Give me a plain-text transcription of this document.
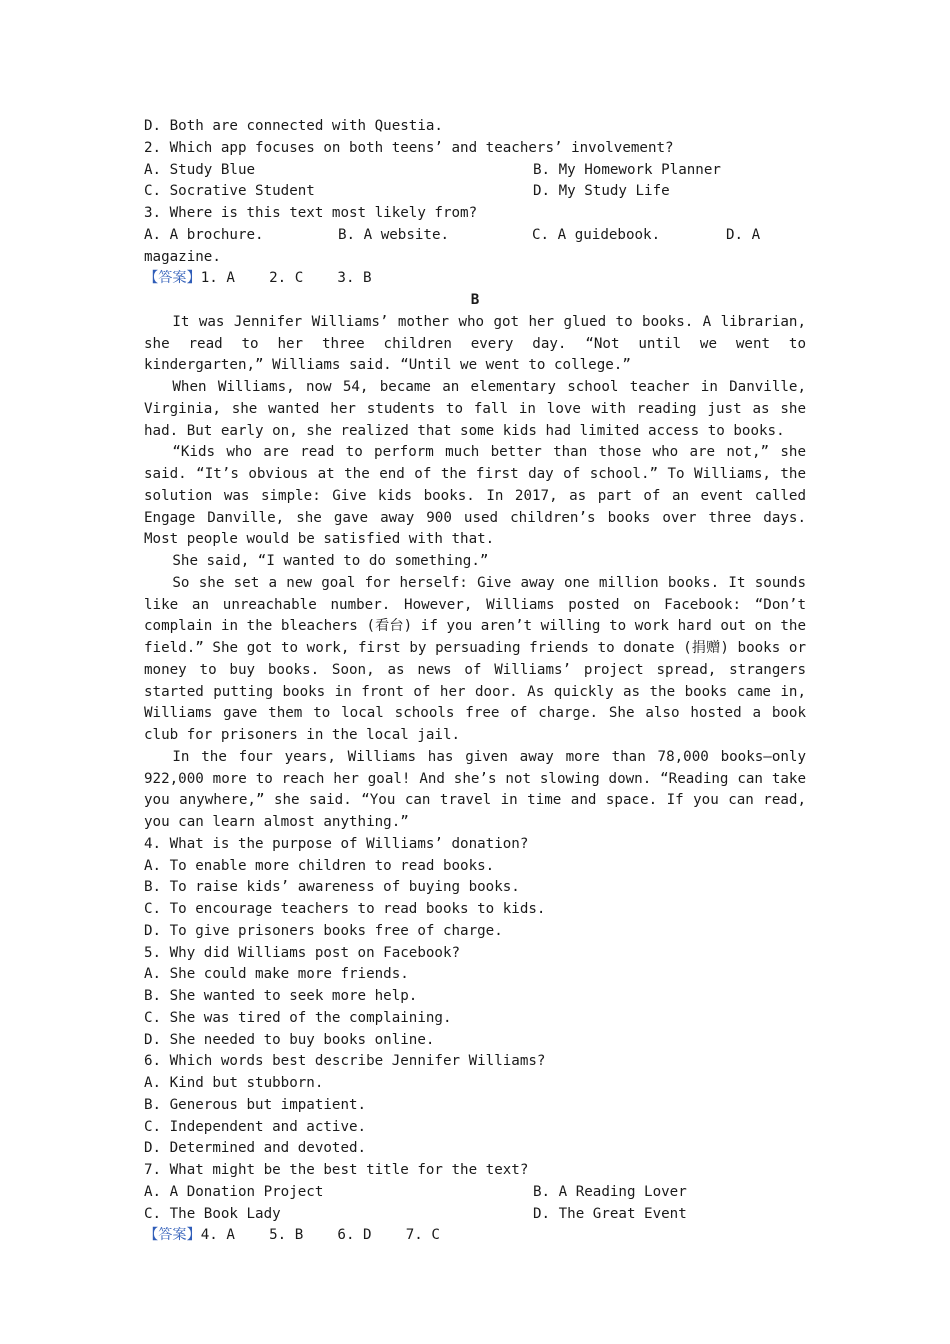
D. Both are connected with Questia.
2. Which app focuses on both teens’ and teachers’ involvement?
A. Study Blue	B. My Homework Planner
C. Socrative Student	D. My Study Life
3. Where is this text most likely from?
A. A brochure.	B. A website.	C. A guidebook.	D. A
magazine.
【答案】1. A    2. C    3. B
B
It was Jennifer Williams’ mother who got her glued to books. A librarian, she read to her three children every day. “Not until we went to kindergarten,” Williams said. “Until we went to college.”
When Williams, now 54, became an elementary school teacher in Danville, Virginia, she wanted her students to fall in love with reading just as she had. But early on, she realized that some kids had limited access to books.
“Kids who are read to perform much better than those who are not,” she said. “It’s obvious at the end of the first day of school.” To Williams, the solution was simple: Give kids books. In 2017, as part of an event called Engage Danville, she gave away 900 used children’s books over three days. Most people would be satisfied with that.
She said, “I wanted to do something.”
So she set a new goal for herself: Give away one million books. It sounds like an unreachable number. However, Williams posted on Facebook: “Don’t complain in the bleachers (看台) if you aren’t willing to work hard out on the field.” She got to work, first by persuading friends to donate (捐赠) books or money to buy books. Soon, as news of Williams’ project spread, strangers started putting books in front of her door. As quickly as the books came in, Williams gave them to local schools free of charge. She also hosted a book club for prisoners in the local jail.
In the four years, Williams has given away more than 78,000 books—only 922,000 more to reach her goal! And she’s not slowing down. “Reading can take you anywhere,” she said. “You can travel in time and space. If you can read, you can learn almost anything.”
4. What is the purpose of Williams’ donation?
A. To enable more children to read books.
B. To raise kids’ awareness of buying books.
C. To encourage teachers to read books to kids.
D. To give prisoners books free of charge.
5. Why did Williams post on Facebook?
A. She could make more friends.
B. She wanted to seek more help.
C. She was tired of the complaining.
D. She needed to buy books online.
6. Which words best describe Jennifer Williams?
A. Kind but stubborn.
B. Generous but impatient.
C. Independent and active.
D. Determined and devoted.
7. What might be the best title for the text?
A. A Donation Project	B. A Reading Lover
C. The Book Lady	D. The Great Event
【答案】4. A    5. B    6. D    7. C
